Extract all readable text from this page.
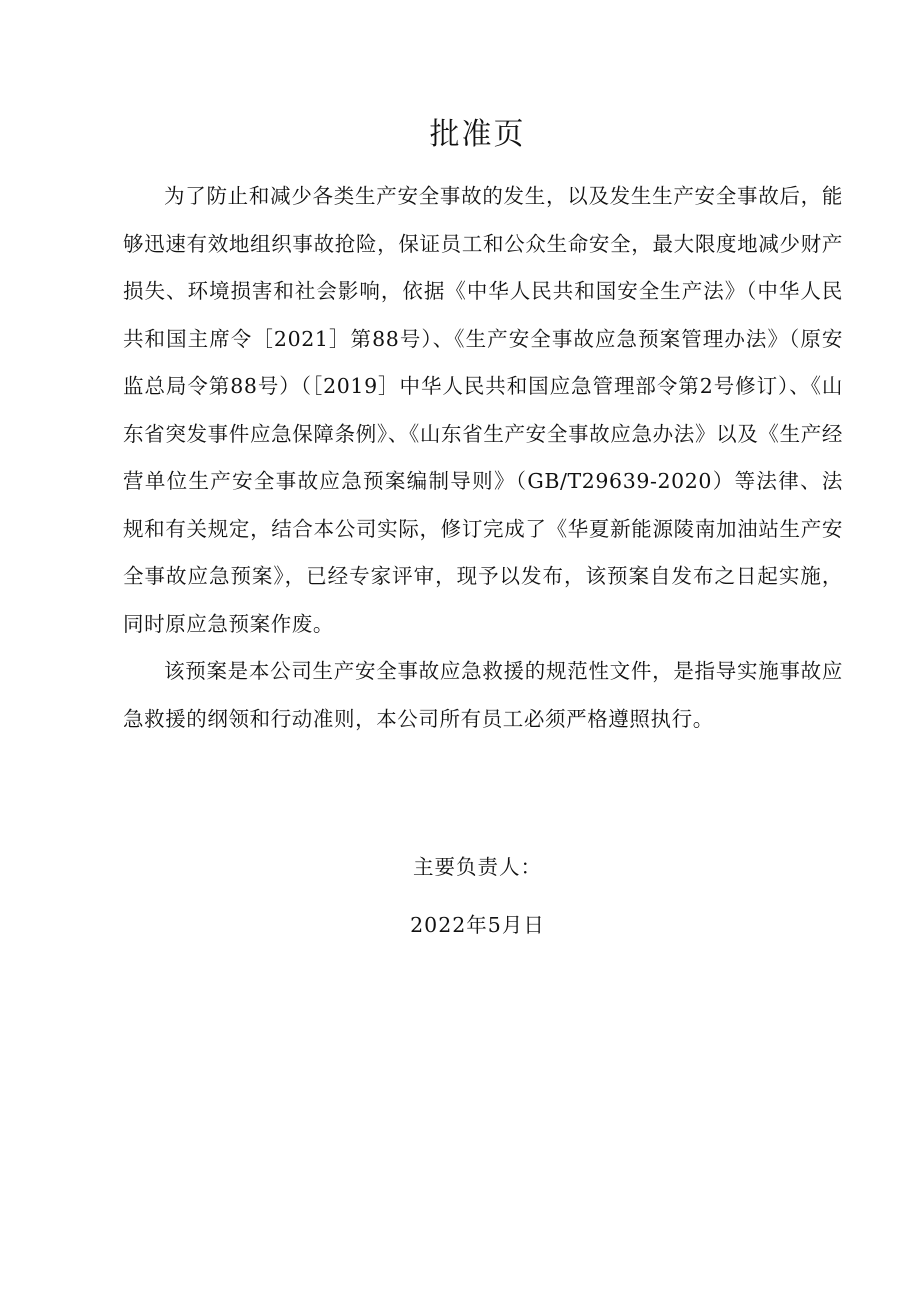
批准页

为了防止和减少各类生产安全事故的发生，以及发生生产安全事故后，能够迅速有效地组织事故抢险，保证员工和公众生命安全，最大限度地减少财产损失、环境损害和社会影响，依据《中华人民共和国安全生产法》（中华人民共和国主席令［2021］第88号）、《生产安全事故应急预案管理办法》（原安监总局令第88号）（［2019］中华人民共和国应急管理部令第2号修订）、《山东省突发事件应急保障条例》、《山东省生产安全事故应急办法》以及《生产经营单位生产安全事故应急预案编制导则》（GB/T29639-2020）等法律、法规和有关规定，结合本公司实际，修订完成了《华夏新能源陵南加油站生产安全事故应急预案》，已经专家评审，现予以发布，该预案自发布之日起实施，同时原应急预案作废。

该预案是本公司生产安全事故应急救援的规范性文件，是指导实施事故应急救援的纲领和行动准则，本公司所有员工必须严格遵照执行。

主要负责人：
2022年5月日
